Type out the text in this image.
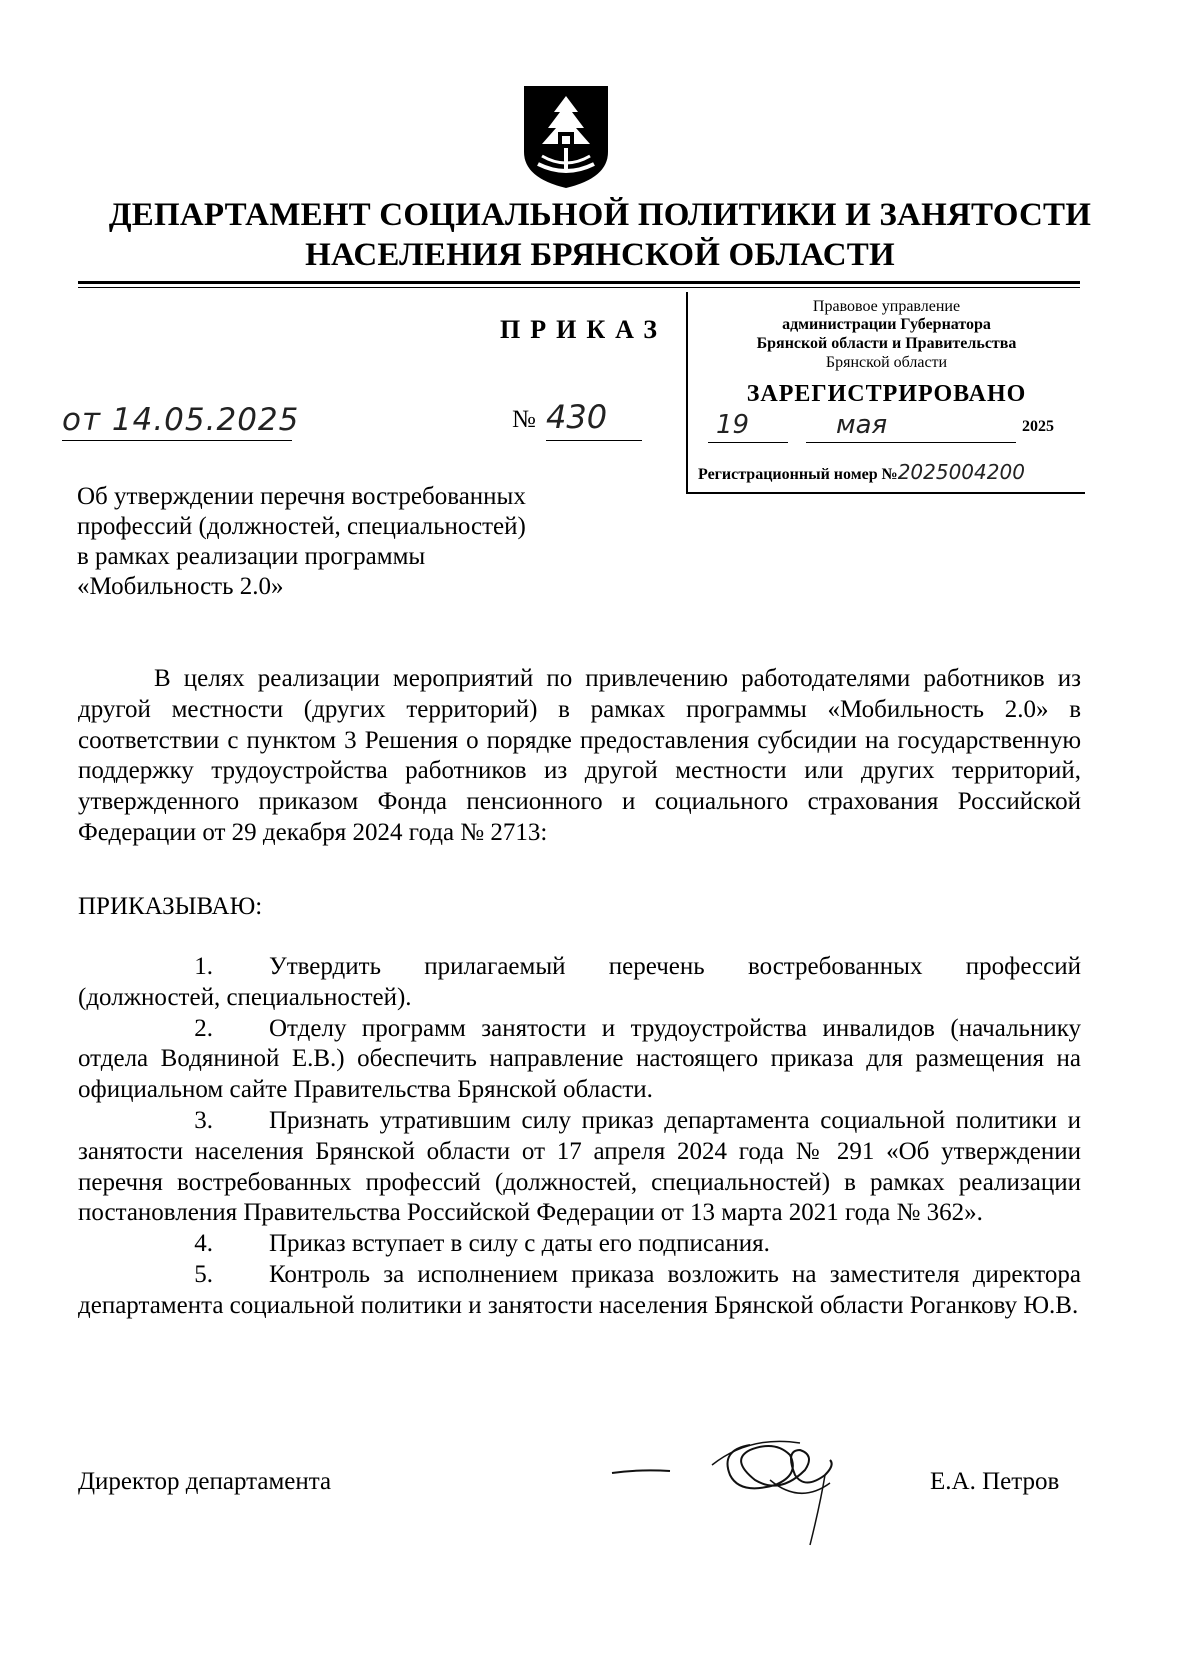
ДЕПАРТАМЕНТ СОЦИАЛЬНОЙ ПОЛИТИКИ И ЗАНЯТОСТИ
НАСЕЛЕНИЯ БРЯНСКОЙ ОБЛАСТИ
ПРИКАЗ
Правовое управление
администрации Губернатора
Брянской области и Правительства
Брянской области
ЗАРЕГИСТРИРОВАНО
19	мая	2025
Регистрационный номер №2025004200
от 14.05.2025	№ 430
Об утверждении перечня востребованных
профессий (должностей, специальностей)
в рамках реализации программы
«Мобильность 2.0»
В целях реализации мероприятий по привлечению работодателями работников из другой местности (других территорий) в рамках программы «Мобильность 2.0» в соответствии с пунктом 3 Решения о порядке предоставления субсидии на государственную поддержку трудоустройства работников из другой местности или других территорий, утвержденного приказом Фонда пенсионного и социального страхования Российской Федерации от 29 декабря 2024 года № 2713:
ПРИКАЗЫВАЮ:
1. Утвердить прилагаемый перечень востребованных профессий (должностей, специальностей).
2. Отделу программ занятости и трудоустройства инвалидов (начальнику отдела Водяниной Е.В.) обеспечить направление настоящего приказа для размещения на официальном сайте Правительства Брянской области.
3. Признать утратившим силу приказ департамента социальной политики и занятости населения Брянской области от 17 апреля 2024 года № 291 «Об утверждении перечня востребованных профессий (должностей, специальностей) в рамках реализации постановления Правительства Российской Федерации от 13 марта 2021 года № 362».
4. Приказ вступает в силу с даты его подписания.
5. Контроль за исполнением приказа возложить на заместителя директора департамента социальной политики и занятости населения Брянской области Роганкову Ю.В.
Директор департамента	Е.А. Петров
